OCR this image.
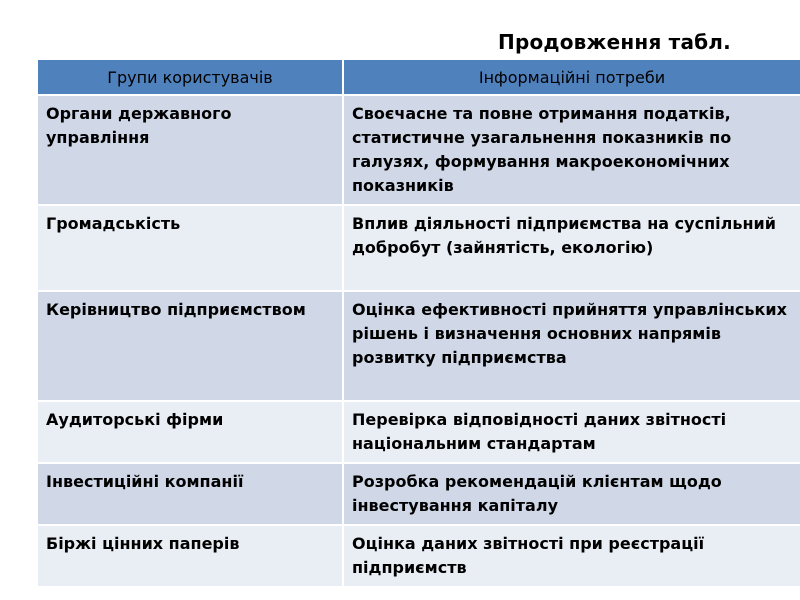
Продовження табл.
Групи користувачів	Інформаційні потреби
Органи державного управління	Своєчасне та повне отримання податків, статистичне узагальнення показників по галузях, формування макроекономічних показників
Громадськість	Вплив діяльності підприємства на суспільний добробут (зайнятість, екологію)
Керівництво підприємством	Оцінка ефективності прийняття управлінських рішень і визначення основних напрямів розвитку підприємства
Аудиторські фірми	Перевірка відповідності даних звітності національним стандартам
Інвестиційні компанії	Розробка рекомендацій клієнтам щодо інвестування капіталу
Біржі цінних паперів	Оцінка даних звітності при реєстрації підприємств
